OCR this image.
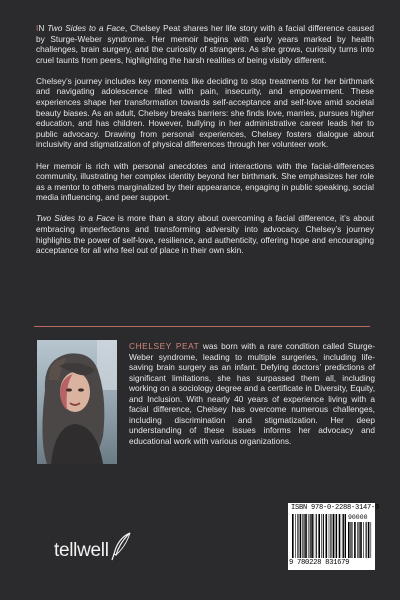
IN Two Sides to a Face, Chelsey Peat shares her life story with a facial difference caused by Sturge-Weber syndrome. Her memoir begins with early years marked by health challenges, brain surgery, and the curiosity of strangers. As she grows, curiosity turns into cruel taunts from peers, highlighting the harsh realities of being visibly different.

Chelsey’s journey includes key moments like deciding to stop treatments for her birthmark and navigating adolescence filled with pain, insecurity, and empowerment. These experiences shape her transformation towards self-acceptance and self-love amid societal beauty biases. As an adult, Chelsey breaks barriers: she finds love, marries, pursues higher education, and has children. However, bullying in her administrative career leads her to public advocacy. Drawing from personal experiences, Chelsey fosters dialogue about inclusivity and stigmatization of physical differences through her volunteer work.

Her memoir is rich with personal anecdotes and interactions with the facial-differences community, illustrating her complex identity beyond her birthmark. She emphasizes her role as a mentor to others marginalized by their appearance, engaging in public speaking, social media influencing, and peer support.

Two Sides to a Face is more than a story about overcoming a facial difference, it’s about embracing imperfections and transforming adversity into advocacy. Chelsey’s journey highlights the power of self-love, resilience, and authenticity, offering hope and encouraging acceptance for all who feel out of place in their own skin.

CHELSEY PEAT was born with a rare condition called Sturge-Weber syndrome, leading to multiple surgeries, including life-saving brain surgery as an infant. Defying doctors’ predictions of significant limitations, she has surpassed them all, including working on a sociology degree and a certificate in Diversity, Equity, and Inclusion. With nearly 40 years of experience living with a facial difference, Chelsey has overcome numerous challenges, including discrimination and stigmatization. Her deep understanding of these issues informs her advocacy and educational work with various organizations.

tellwell
ISBN 978-0-2288-3147-9
90000
9 780228 831679
